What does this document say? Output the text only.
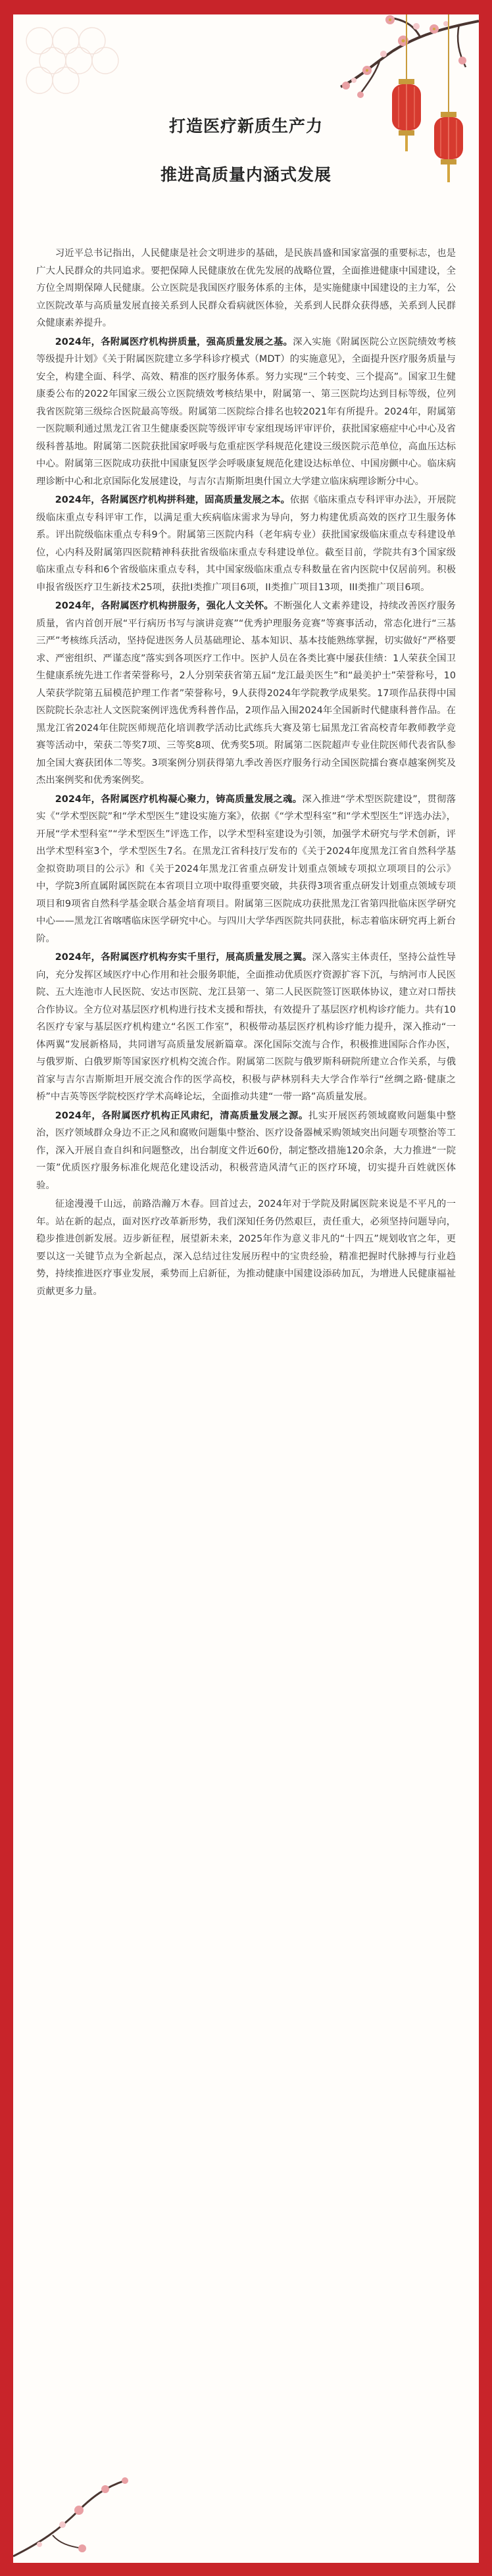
打造医疗新质生产力
推进高质量内涵式发展

习近平总书记指出，人民健康是社会文明进步的基础，是民族昌盛和国家富强的重要标志，也是广大人民群众的共同追求。要把保障人民健康放在优先发展的战略位置，全面推进健康中国建设，全方位全周期保障人民健康。公立医院是我国医疗服务体系的主体，是实施健康中国建设的主力军，公立医院改革与高质量发展直接关系到人民群众看病就医体验，关系到人民群众获得感，关系到人民群众健康素养提升。

2024年，各附属医疗机构拼质量，强高质量发展之基。深入实施《附属医院公立医院绩效考核等级提升计划》《关于附属医院建立多学科诊疗模式（MDT）的实施意见》，全面提升医疗服务质量与安全，构建全面、科学、高效、精准的医疗服务体系。努力实现“三个转变、三个提高”。国家卫生健康委公布的2022年国家三级公立医院绩效考核结果中，附属第一、第三医院均达到目标等级，位列我省医院第三级综合医院最高等级。附属第二医院综合排名也较2021年有所提升。2024年，附属第一医院顺利通过黑龙江省卫生健康委医院等级评审专家组现场评审评价，获批国家癌症中心中心及省级科普基地。附属第二医院获批国家呼吸与危重症医学科规范化建设三级医院示范单位，高血压达标中心。附属第三医院成功获批中国康复医学会呼吸康复规范化建设达标单位、中国房颤中心。临床病理诊断中心和北京国际化发展建设，与吉尔吉斯斯坦奥什国立大学建立临床病理诊断分中心。

2024年，各附属医疗机构拼科建，固高质量发展之本。依据《临床重点专科评审办法》，开展院级临床重点专科评审工作，以满足重大疾病临床需求为导向，努力构建优质高效的医疗卫生服务体系。评出院级临床重点专科9个。附属第三医院内科（老年病专业）获批国家级临床重点专科建设单位，心内科及附属第四医院精神科获批省级临床重点专科建设单位。截至目前，学院共有3个国家级临床重点专科和6个省级临床重点专科，其中国家级临床重点专科数量在省内医院中仅居前列。积极申报省级医疗卫生新技术25项，获批I类推广项目6项，II类推广项目13项，III类推广项目6项。

2024年，各附属医疗机构拼服务，强化人文关怀。不断强化人文素养建设，持续改善医疗服务质量，省内首创开展“平行病历书写与演讲竞赛”“优秀护理服务竞赛”等赛事活动，常态化进行“三基三严”考核练兵活动，坚持促进医务人员基础理论、基本知识、基本技能熟练掌握，切实做好“严格要求、严密组织、严谨态度”落实到各项医疗工作中。医护人员在各类比赛中屡获佳绩：1人荣获全国卫生健康系统先进工作者荣誉称号，2人分别荣获省第五届“龙江最美医生”和“最美护士”荣誉称号，10人荣获学院第五届模范护理工作者”荣誉称号，9人获得2024年学院教学成果奖。17项作品获得中国医院院长杂志社人文医院案例评选优秀科普作品，2项作品入围2024年全国新时代健康科普作品。在黑龙江省2024年住院医师规范化培训教学活动比武练兵大赛及第七届黑龙江省高校青年教师教学竞赛等活动中，荣获二等奖7项、三等奖8项、优秀奖5项。附属第二医院超声专业住院医师代表省队参加全国大赛获团体二等奖。3项案例分别获得第九季改善医疗服务行动全国医院擂台赛卓越案例奖及杰出案例奖和优秀案例奖。

2024年，各附属医疗机构凝心聚力，铸高质量发展之魂。深入推进“学术型医院建设”，贯彻落实《“学术型医院”和“学术型医生”建设实施方案》，依据《“学术型科室”和“学术型医生”评选办法》，开展“学术型科室”“学术型医生”评选工作，以学术型科室建设为引领，加强学术研究与学术创新，评出学术型科室3个，学术型医生7名。在黑龙江省科技厅发布的《关于2024年度黑龙江省自然科学基金拟资助项目的公示》和《关于2024年黑龙江省重点研发计划重点领域专项拟立项项目的公示》中，学院3所直属附属医院在本省项目立项中取得重要突破，共获得3项省重点研发计划重点领域专项项目和9项省自然科学基金联合基金培育项目。附属第三医院成功获批黑龙江省第四批临床医学研究中心——黑龙江省喀嗜临床医学研究中心。与四川大学华西医院共同获批，标志着临床研究再上新台阶。

2024年，各附属医疗机构夯实千里行，展高质量发展之翼。深入落实主体责任，坚持公益性导向，充分发挥区域医疗中心作用和社会服务职能，全面推动优质医疗资源扩容下沉，与纳河市人民医院、五大连池市人民医院、安达市医院、龙江县第一、第二人民医院签订医联体协议，建立对口帮扶合作协议。全方位对基层医疗机构进行技术支援和帮扶，有效提升了基层医疗机构诊疗能力。共有10名医疗专家与基层医疗机构建立“名医工作室”，积极带动基层医疗机构诊疗能力提升，深入推动“一体两翼”发展新格局，共同谱写高质量发展新篇章。深化国际交流与合作，积极推进国际合作办医，与俄罗斯、白俄罗斯等国家医疗机构交流合作。附属第二医院与俄罗斯科研院所建立合作关系，与俄首家与吉尔吉斯斯坦开展交流合作的医学高校，积极与萨林别科夫大学合作举行“丝绸之路·健康之桥”中吉英等医学院校医疗学术高峰论坛，全面推动共建“一带一路”高质量发展。

2024年，各附属医疗机构正风肃纪，清高质量发展之源。扎实开展医药领域腐败问题集中整治，医疗领域群众身边不正之风和腐败问题集中整治、医疗设备器械采购领域突出问题专项整治等工作，深入开展自查自纠和问题整改，出台制度文件近60份，制定整改措施120余条，大力推进“一院一策”优质医疗服务标准化规范化建设活动，积极营造风清气正的医疗环境，切实提升百姓就医体验。

征途漫漫千山远，前路浩瀚万木春。回首过去，2024年对于学院及附属医院来说是不平凡的一年。站在新的起点，面对医疗改革新形势，我们深知任务仍然艰巨，责任重大，必须坚持问题导向，稳步推进创新发展。迈步新征程，展望新未来，2025年作为意义非凡的“十四五”规划收官之年，更要以这一关键节点为全新起点，深入总结过往发展历程中的宝贵经验，精准把握时代脉搏与行业趋势，持续推进医疗事业发展，乘势而上启新征，为推动健康中国建设添砖加瓦，为增进人民健康福祉贡献更多力量。
